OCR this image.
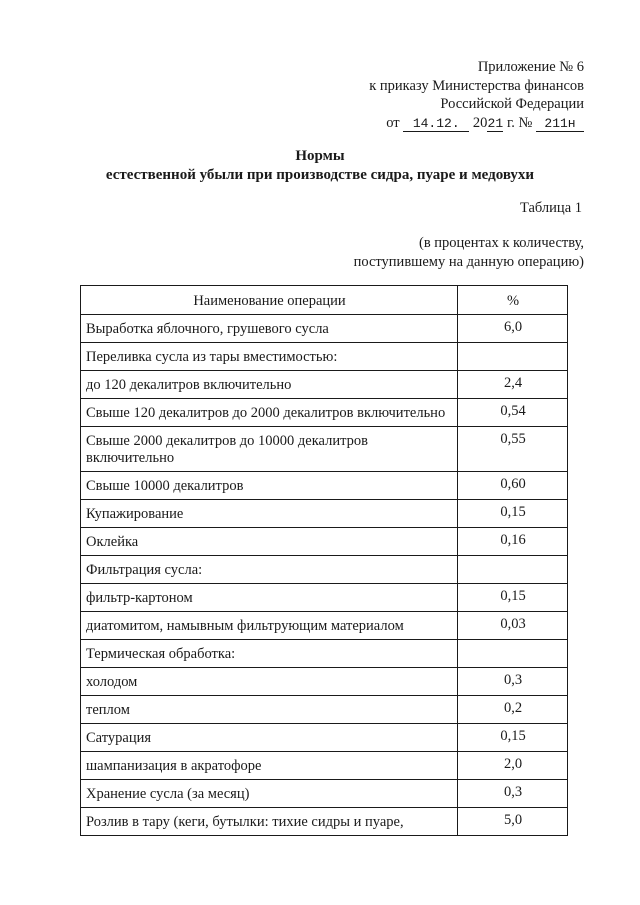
Приложение № 6
к приказу Министерства финансов
Российской Федерации
от 14.12. 2021 г. № 211н
Нормы
естественной убыли при производстве сидра, пуаре и медовухи
Таблица 1
(в процентах к количеству,
поступившему на данную операцию)
Наименование операции	%
Выработка яблочного, грушевого сусла	6,0
Переливка сусла из тары вместимостью:	
до 120 декалитров включительно	2,4
Свыше 120 декалитров до 2000 декалитров включительно	0,54
Свыше 2000 декалитров до 10000 декалитров включительно	0,55
Свыше 10000 декалитров	0,60
Купажирование	0,15
Оклейка	0,16
Фильтрация сусла:	
фильтр-картоном	0,15
диатомитом, намывным фильтрующим материалом	0,03
Термическая обработка:	
холодом	0,3
теплом	0,2
Сатурация	0,15
шампанизация в акратофоре	2,0
Хранение сусла (за месяц)	0,3
Розлив в тару (кеги, бутылки: тихие сидры и пуаре,	5,0
